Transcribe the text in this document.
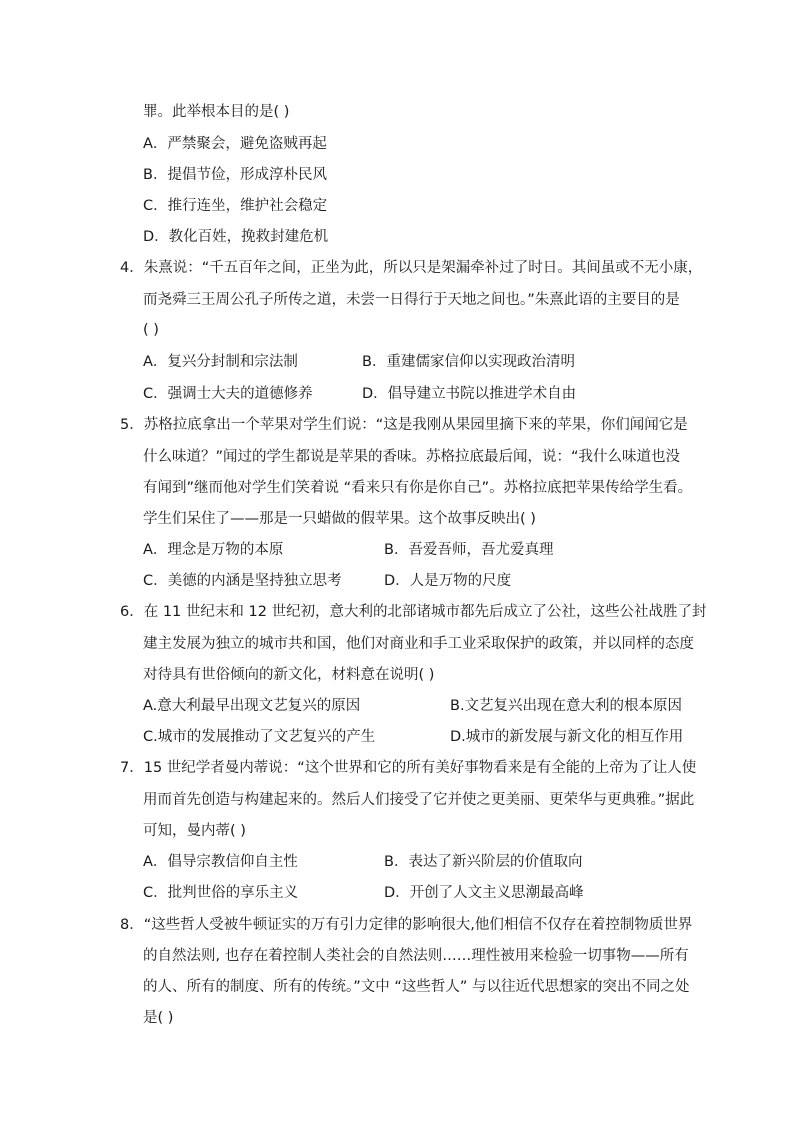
罪。此举根本目的是( )
A．严禁聚会，避免盗贼再起
B．提倡节俭，形成淳朴民风
C．推行连坐，维护社会稳定
D．教化百姓，挽救封建危机
4．朱熹说：“千五百年之间，正坐为此，所以只是架漏牵补过了时日。其间虽或不无小康，
而尧舜三王周公孔子所传之道，未尝一日得行于天地之间也。”朱熹此语的主要目的是
( )
A．复兴分封制和宗法制	B．重建儒家信仰以实现政治清明
C．强调士大夫的道德修养	D．倡导建立书院以推进学术自由
5．苏格拉底拿出一个苹果对学生们说：“这是我刚从果园里摘下来的苹果，你们闻闻它是
什么味道？”闻过的学生都说是苹果的香味。苏格拉底最后闻，说：“我什么味道也没
有闻到”继而他对学生们笑着说 “看来只有你是你自己”。苏格拉底把苹果传给学生看。
学生们呆住了——那是一只蜡做的假苹果。这个故事反映出( )
A．理念是万物的本原	B．吾爱吾师，吾尤爱真理
C．美德的内涵是坚持独立思考	D．人是万物的尺度
6．在 11 世纪末和 12 世纪初，意大利的北部诸城市都先后成立了公社，这些公社战胜了封
建主发展为独立的城市共和国，他们对商业和手工业采取保护的政策，并以同样的态度
对待具有世俗倾向的新文化，材料意在说明( )
A.意大利最早出现文艺复兴的原因	B.文艺复兴出现在意大利的根本原因
C.城市的发展推动了文艺复兴的产生	D.城市的新发展与新文化的相互作用
7．15 世纪学者曼内蒂说：“这个世界和它的所有美好事物看来是有全能的上帝为了让人使
用而首先创造与构建起来的。然后人们接受了它并使之更美丽、更荣华与更典雅。”据此
可知，曼内蒂( )
A．倡导宗教信仰自主性	B．表达了新兴阶层的价值取向
C．批判世俗的享乐主义	D．开创了人文主义思潮最高峰
8．“这些哲人受被牛顿证实的万有引力定律的影响很大,他们相信不仅存在着控制物质世界
的自然法则, 也存在着控制人类社会的自然法则……理性被用来检验一切事物——所有
的人、所有的制度、所有的传统。”文中 “这些哲人” 与以往近代思想家的突出不同之处
是( )
